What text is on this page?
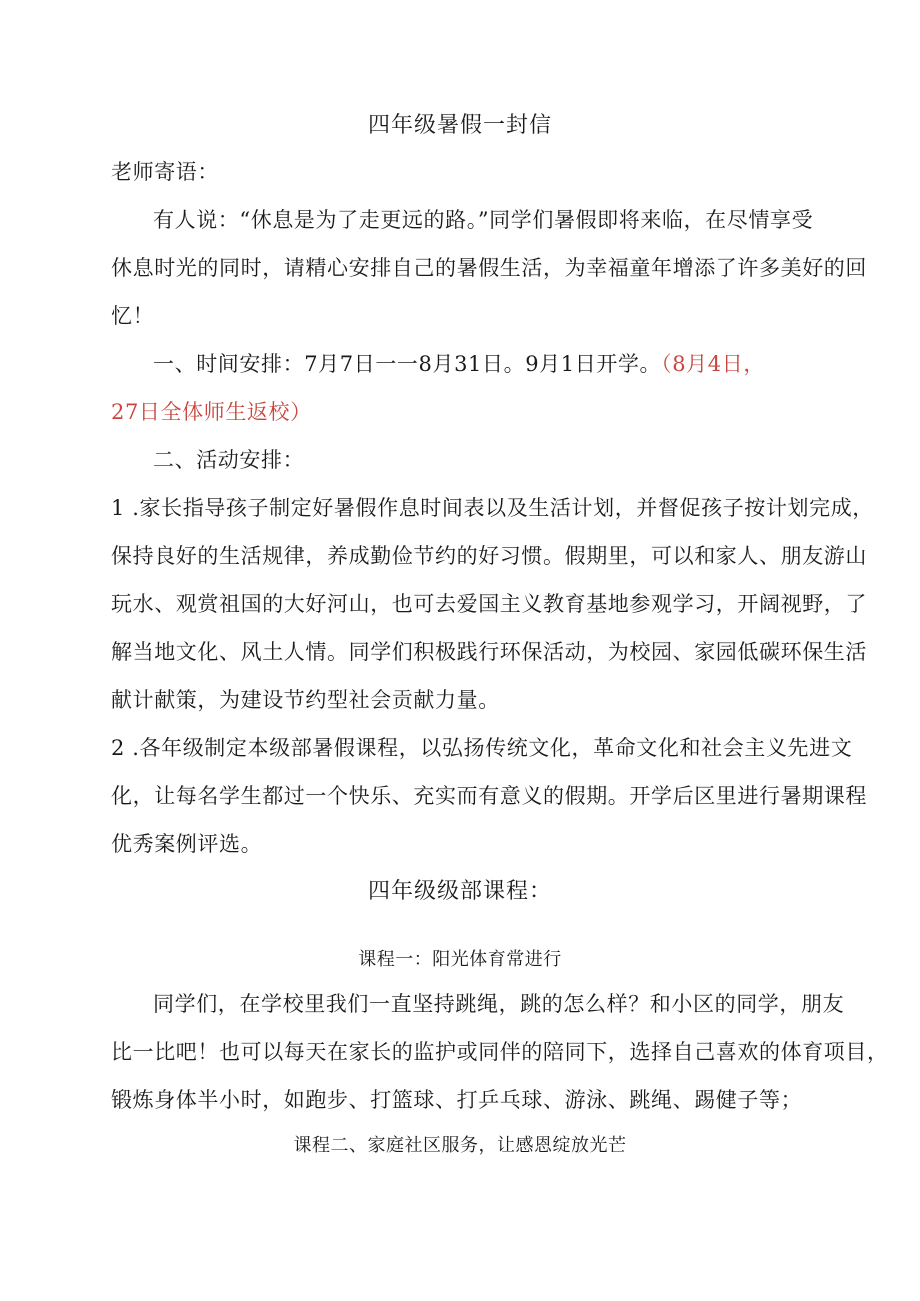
四年级暑假一封信
老师寄语：
有人说：“休息是为了走更远的路。”同学们暑假即将来临，在尽情享受
休息时光的同时，请精心安排自己的暑假生活，为幸福童年增添了许多美好的回
忆！
一、时间安排：7月7日一一8月31日。9月1日开学。（8月4日，
27日全体师生返校）
二、活动安排：
1 .家长指导孩子制定好暑假作息时间表以及生活计划，并督促孩子按计划完成，
保持良好的生活规律，养成勤俭节约的好习惯。假期里，可以和家人、朋友游山
玩水、观赏祖国的大好河山，也可去爱国主义教育基地参观学习，开阔视野，了
解当地文化、风土人情。同学们积极践行环保活动，为校园、家园低碳环保生活
献计献策，为建设节约型社会贡献力量。
2 .各年级制定本级部暑假课程，以弘扬传统文化，革命文化和社会主义先进文
化，让每名学生都过一个快乐、充实而有意义的假期。开学后区里进行暑期课程
优秀案例评选。
四年级级部课程：
课程一：阳光体育常进行
同学们，在学校里我们一直坚持跳绳，跳的怎么样？和小区的同学，朋友
比一比吧！也可以每天在家长的监护或同伴的陪同下，选择自己喜欢的体育项目，
锻炼身体半小时，如跑步、打篮球、打乒乓球、游泳、跳绳、踢健子等；
课程二、家庭社区服务，让感恩绽放光芒
